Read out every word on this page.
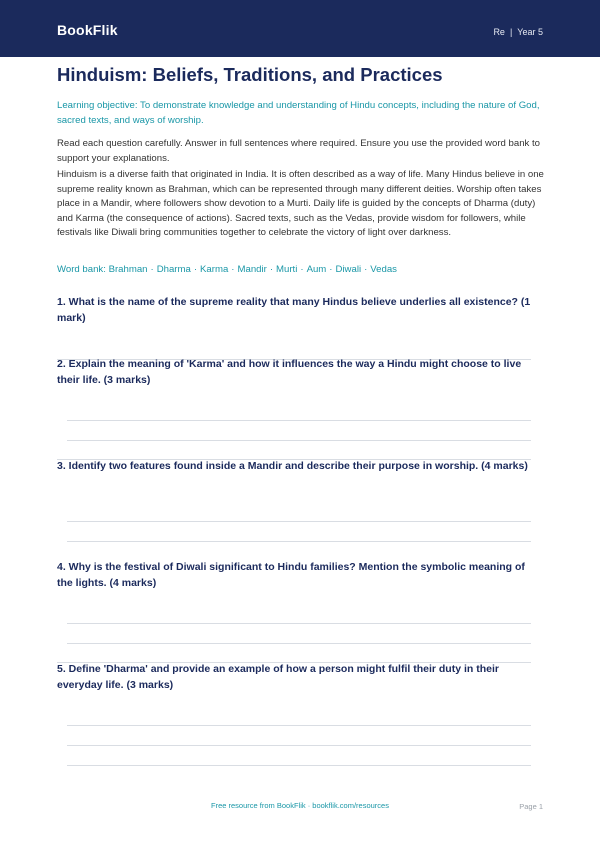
BookFlik	Re | Year 5
Hinduism: Beliefs, Traditions, and Practices

Learning objective: To demonstrate knowledge and understanding of Hindu concepts, including the nature of God, sacred texts, and ways of worship.

Read each question carefully. Answer in full sentences where required. Ensure you use the provided word bank to support your explanations.

Hinduism is a diverse faith that originated in India. It is often described as a way of life. Many Hindus believe in one supreme reality known as Brahman, which can be represented through many different deities. Worship often takes place in a Mandir, where followers show devotion to a Murti. Daily life is guided by the concepts of Dharma (duty) and Karma (the consequence of actions). Sacred texts, such as the Vedas, provide wisdom for followers, while festivals like Diwali bring communities together to celebrate the victory of light over darkness.

Word bank: Brahman · Dharma · Karma · Mandir · Murti · Aum · Diwali · Vedas

1. What is the name of the supreme reality that many Hindus believe underlies all existence? (1 mark)

2. Explain the meaning of 'Karma' and how it influences the way a Hindu might choose to live their life. (3 marks)

3. Identify two features found inside a Mandir and describe their purpose in worship. (4 marks)

4. Why is the festival of Diwali significant to Hindu families? Mention the symbolic meaning of the lights. (4 marks)

5. Define 'Dharma' and provide an example of how a person might fulfil their duty in their everyday life. (3 marks)

Free resource from BookFlik · bookflik.com/resources	Page 1
